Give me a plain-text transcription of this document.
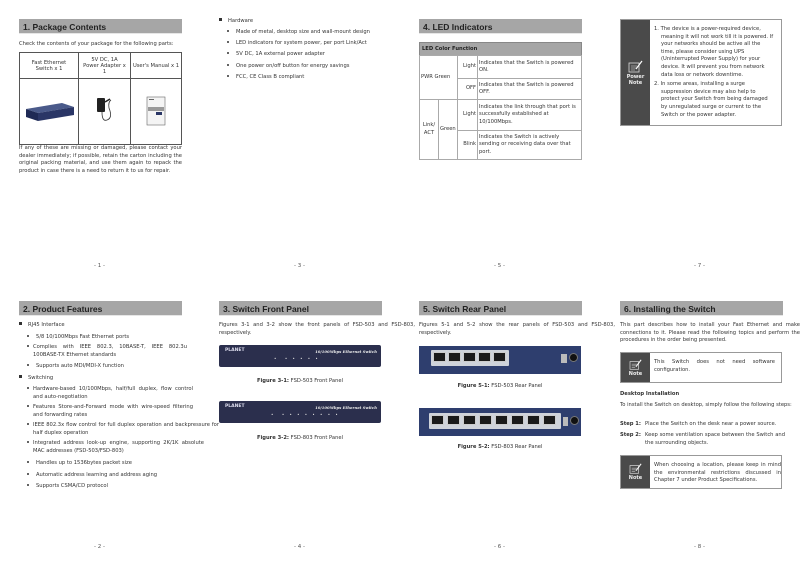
1. Package Contents
Check the contents of your package for the following parts:
Fast Ethernet Switch x 1	5V DC, 1A Power Adapter x 1	User's Manual x 1

If any of these are missing or damaged, please contact your dealer immediately; if possible, retain the carton including the original packing material, and use them again to repack the product in case there is a need to return it to us for repair.
- 1 -
Hardware
Made of metal, desktop size and wall-mount design
LED indicators for system power, per port Link/Act
5V DC, 1A external power adapter
One power on/off button for energy savings
FCC, CE Class B compliant
- 3 -
4. LED Indicators
LED Color Function			
PWR Green		Light	Indicates that the Switch is powered ON.
		OFF	Indicates that the Switch is powered OFF.
Link/ ACT	Green	Light	Indicates the link through that port is successfully established at 10/100Mbps.
		Blink	Indicates the Switch is actively sending or receiving data over that port.
- 5 -
Power Note
1. The device is a power-required device, meaning it will not work till it is powered. If your networks should be active all the time, please consider using UPS (Uninterrupted Power Supply) for your device. It will prevent you from network data loss or network downtime.
2. In some areas, installing a surge suppression device may also help to protect your Switch from being damaged by unregulated surge or current to the Switch or the power adapter.
- 7 -
2. Product Features
RJ45 Interface
5/8 10/100Mbps Fast Ethernet ports
Complies with IEEE 802.3, 10BASE-T, IEEE 802.3u 100BASE-TX Ethernet standards
Supports auto MDI/MDI-X function
Switching
Hardware-based 10/100Mbps, half/full duplex, flow control and auto-negotiation
Features Store-and-Forward mode with wire-speed filtering and forwarding rates
IEEE 802.3x flow control for full duplex operation and backpressure for half duplex operation
Integrated address look-up engine, supporting 2K/1K absolute MAC addresses (FSD-503/FSD-803)
Handles up to 1536bytes packet size
Automatic address learning and address aging
Supports CSMA/CD protocol
- 2 -
3. Switch Front Panel
Figures 3-1 and 3-2 show the front panels of FSD-503 and FSD-803, respectively.
PLANET	10/100Mbps Ethernet Switch
•  • • • • •
Figure 3-1: FSD-503 Front Panel
PLANET	10/100Mbps Ethernet Switch
•  • • • • • • • •
Figure 3-2: FSD-803 Front Panel
- 4 -
5. Switch Rear Panel
Figures 5-1 and 5-2 show the rear panels of FSD-503 and FSD-803, respectively.
Figure 5-1: FSD-503 Rear Panel
Figure 5-2: FSD-803 Rear Panel
- 6 -
6. Installing the Switch
This part describes how to install your Fast Ethernet and make connections to it. Please read the following topics and perform the procedures in the order being presented.
Note
This Switch does not need software configuration.
Desktop Installation
To install the Switch on desktop, simply follow the following steps:
Step 1: Place the Switch on the desk near a power source.
Step 2: Keep some ventilation space between the Switch and the surrounding objects.
Note
When choosing a location, please keep in mind the environmental restrictions discussed in Chapter 7 under Product Specifications.
- 8 -
